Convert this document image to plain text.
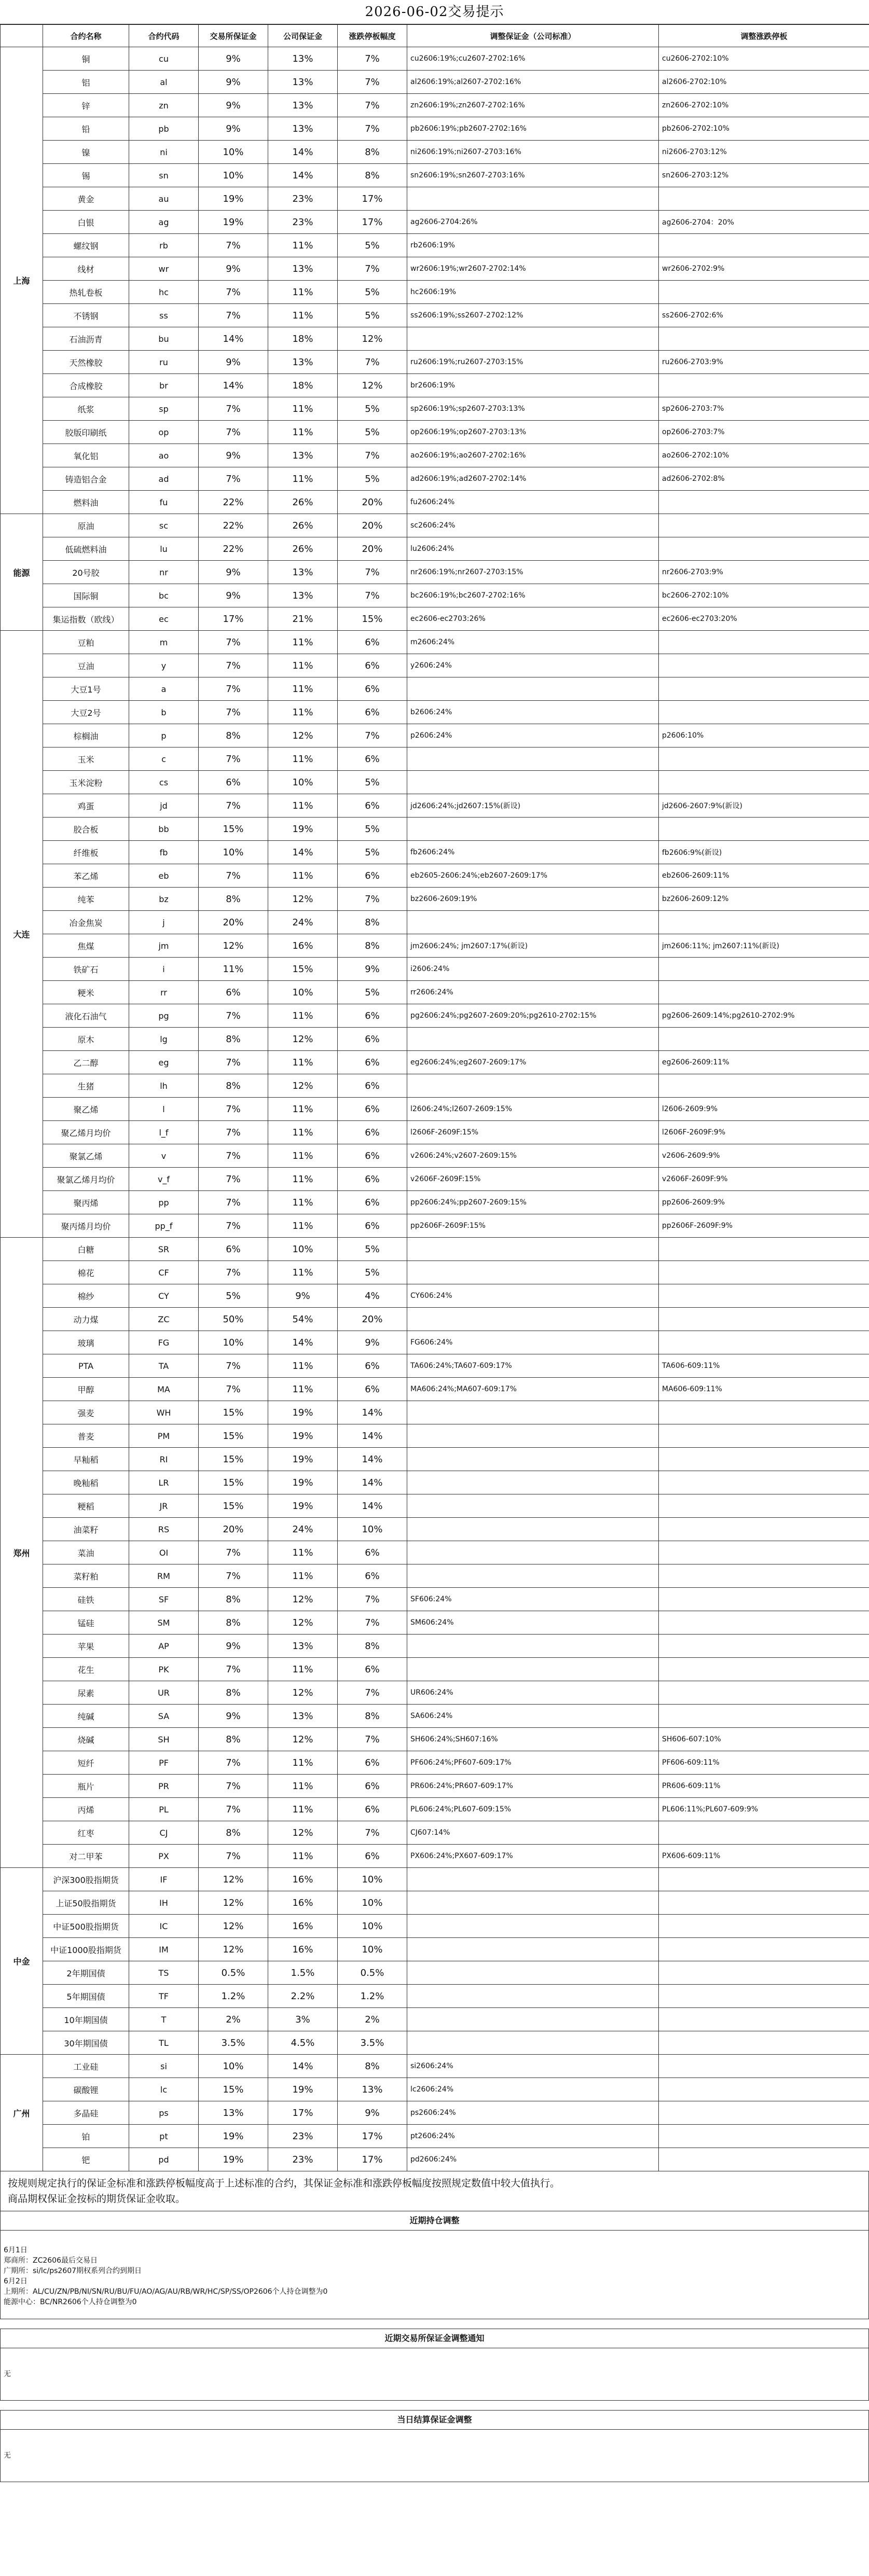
2026-06-02交易提示
	合约名称	合约代码	交易所保证金	公司保证金	涨跌停板幅度	调整保证金（公司标准）	调整涨跌停板
上海	铜	cu	9%	13%	7%	cu2606:19%;cu2607-2702:16%	cu2606-2702:10%
	铝	al	9%	13%	7%	al2606:19%;al2607-2702:16%	al2606-2702:10%
	锌	zn	9%	13%	7%	zn2606:19%;zn2607-2702:16%	zn2606-2702:10%
	铅	pb	9%	13%	7%	pb2606:19%;pb2607-2702:16%	pb2606-2702:10%
	镍	ni	10%	14%	8%	ni2606:19%;ni2607-2703:16%	ni2606-2703:12%
	锡	sn	10%	14%	8%	sn2606:19%;sn2607-2703:16%	sn2606-2703:12%
	黄金	au	19%	23%	17%		
	白银	ag	19%	23%	17%	ag2606-2704:26%	ag2606-2704：20%
	螺纹钢	rb	7%	11%	5%	rb2606:19%	
	线材	wr	9%	13%	7%	wr2606:19%;wr2607-2702:14%	wr2606-2702:9%
	热轧卷板	hc	7%	11%	5%	hc2606:19%	
	不锈钢	ss	7%	11%	5%	ss2606:19%;ss2607-2702:12%	ss2606-2702:6%
	石油沥青	bu	14%	18%	12%		
	天然橡胶	ru	9%	13%	7%	ru2606:19%;ru2607-2703:15%	ru2606-2703:9%
	合成橡胶	br	14%	18%	12%	br2606:19%	
	纸浆	sp	7%	11%	5%	sp2606:19%;sp2607-2703:13%	sp2606-2703:7%
	胶版印刷纸	op	7%	11%	5%	op2606:19%;op2607-2703:13%	op2606-2703:7%
	氧化铝	ao	9%	13%	7%	ao2606:19%;ao2607-2702:16%	ao2606-2702:10%
	铸造铝合金	ad	7%	11%	5%	ad2606:19%;ad2607-2702:14%	ad2606-2702:8%
	燃料油	fu	22%	26%	20%	fu2606:24%	
能源	原油	sc	22%	26%	20%	sc2606:24%	
	低硫燃料油	lu	22%	26%	20%	lu2606:24%	
	20号胶	nr	9%	13%	7%	nr2606:19%;nr2607-2703:15%	nr2606-2703:9%
	国际铜	bc	9%	13%	7%	bc2606:19%;bc2607-2702:16%	bc2606-2702:10%
	集运指数（欧线）	ec	17%	21%	15%	ec2606-ec2703:26%	ec2606-ec2703:20%
大连	豆粕	m	7%	11%	6%	m2606:24%	
	豆油	y	7%	11%	6%	y2606:24%	
	大豆1号	a	7%	11%	6%		
	大豆2号	b	7%	11%	6%	b2606:24%	
	棕榈油	p	8%	12%	7%	p2606:24%	p2606:10%
	玉米	c	7%	11%	6%		
	玉米淀粉	cs	6%	10%	5%		
	鸡蛋	jd	7%	11%	6%	jd2606:24%;jd2607:15%(新设)	jd2606-2607:9%(新设)
	胶合板	bb	15%	19%	5%		
	纤维板	fb	10%	14%	5%	fb2606:24%	fb2606:9%(新设)
	苯乙烯	eb	7%	11%	6%	eb2605-2606:24%;eb2607-2609:17%	eb2606-2609:11%
	纯苯	bz	8%	12%	7%	bz2606-2609:19%	bz2606-2609:12%
	冶金焦炭	j	20%	24%	8%		
	焦煤	jm	12%	16%	8%	jm2606:24%; jm2607:17%(新设)	jm2606:11%; jm2607:11%(新设)
	铁矿石	i	11%	15%	9%	i2606:24%	
	粳米	rr	6%	10%	5%	rr2606:24%	
	液化石油气	pg	7%	11%	6%	pg2606:24%;pg2607-2609:20%;pg2610-2702:15%	pg2606-2609:14%;pg2610-2702:9%
	原木	lg	8%	12%	6%		
	乙二醇	eg	7%	11%	6%	eg2606:24%;eg2607-2609:17%	eg2606-2609:11%
	生猪	lh	8%	12%	6%		
	聚乙烯	l	7%	11%	6%	l2606:24%;l2607-2609:15%	l2606-2609:9%
	聚乙烯月均价	l_f	7%	11%	6%	l2606F-2609F:15%	l2606F-2609F:9%
	聚氯乙烯	v	7%	11%	6%	v2606:24%;v2607-2609:15%	v2606-2609:9%
	聚氯乙烯月均价	v_f	7%	11%	6%	v2606F-2609F:15%	v2606F-2609F:9%
	聚丙烯	pp	7%	11%	6%	pp2606:24%;pp2607-2609:15%	pp2606-2609:9%
	聚丙烯月均价	pp_f	7%	11%	6%	pp2606F-2609F:15%	pp2606F-2609F:9%
郑州	白糖	SR	6%	10%	5%		
	棉花	CF	7%	11%	5%		
	棉纱	CY	5%	9%	4%	CY606:24%	
	动力煤	ZC	50%	54%	20%		
	玻璃	FG	10%	14%	9%	FG606:24%	
	PTA	TA	7%	11%	6%	TA606:24%;TA607-609:17%	TA606-609:11%
	甲醇	MA	7%	11%	6%	MA606:24%;MA607-609:17%	MA606-609:11%
	强麦	WH	15%	19%	14%		
	普麦	PM	15%	19%	14%		
	早籼稻	RI	15%	19%	14%		
	晚籼稻	LR	15%	19%	14%		
	粳稻	JR	15%	19%	14%		
	油菜籽	RS	20%	24%	10%		
	菜油	OI	7%	11%	6%		
	菜籽粕	RM	7%	11%	6%		
	硅铁	SF	8%	12%	7%	SF606:24%	
	锰硅	SM	8%	12%	7%	SM606:24%	
	苹果	AP	9%	13%	8%		
	花生	PK	7%	11%	6%		
	尿素	UR	8%	12%	7%	UR606:24%	
	纯碱	SA	9%	13%	8%	SA606:24%	
	烧碱	SH	8%	12%	7%	SH606:24%;SH607:16%	SH606-607:10%
	短纤	PF	7%	11%	6%	PF606:24%;PF607-609:17%	PF606-609:11%
	瓶片	PR	7%	11%	6%	PR606:24%;PR607-609:17%	PR606-609:11%
	丙烯	PL	7%	11%	6%	PL606:24%;PL607-609:15%	PL606:11%;PL607-609:9%
	红枣	CJ	8%	12%	7%	CJ607:14%	
	对二甲苯	PX	7%	11%	6%	PX606:24%;PX607-609:17%	PX606-609:11%
中金	沪深300股指期货	IF	12%	16%	10%		
	上证50股指期货	IH	12%	16%	10%		
	中证500股指期货	IC	12%	16%	10%		
	中证1000股指期货	IM	12%	16%	10%		
	2年期国债	TS	0.5%	1.5%	0.5%		
	5年期国债	TF	1.2%	2.2%	1.2%		
	10年期国债	T	2%	3%	2%		
	30年期国债	TL	3.5%	4.5%	3.5%		
广州	工业硅	si	10%	14%	8%	si2606:24%	
	碳酸锂	lc	15%	19%	13%	lc2606:24%	
	多晶硅	ps	13%	17%	9%	ps2606:24%	
	铂	pt	19%	23%	17%	pt2606:24%	
	钯	pd	19%	23%	17%	pd2606:24%	
按规则规定执行的保证金标准和涨跌停板幅度高于上述标准的合约，其保证金标准和涨跌停板幅度按照规定数值中较大值执行。
商品期权保证金按标的期货保证金收取。
近期持仓调整
6月1日
郑商所：ZC2606最后交易日
广期所：si/lc/ps2607期权系列合约到期日
6月2日
上期所：AL/CU/ZN/PB/NI/SN/RU/BU/FU/AO/AG/AU/RB/WR/HC/SP/SS/OP2606个人持仓调整为0
能源中心：BC/NR2606个人持仓调整为0
近期交易所保证金调整通知
无
当日结算保证金调整
无
